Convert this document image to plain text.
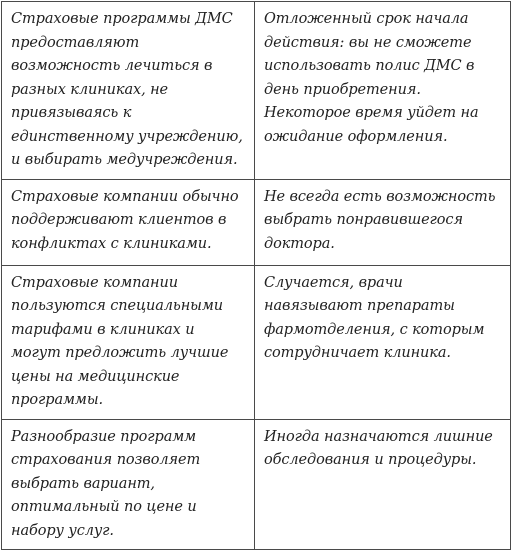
Страховые программы ДМС предоставляют возможность лечиться в разных клиниках, не привязываясь к единственному учреждению, и выбирать медучреждения.	Отложенный срок начала действия: вы не сможете использовать полис ДМС в день приобретения. Некоторое время уйдет на ожидание оформления.

Страховые компании обычно поддерживают клиентов в конфликтах с клиниками.	Не всегда есть возможность выбрать понравившегося доктора.

Страховые компании пользуются специальными тарифами в клиниках и могут предложить лучшие цены на медицинские программы.	Случается, врачи навязывают препараты фармотделения, с которым сотрудничает клиника.

Разнообразие программ страхования позволяет выбрать вариант, оптимальный по цене и набору услуг.	Иногда назначаются лишние обследования и процедуры.
